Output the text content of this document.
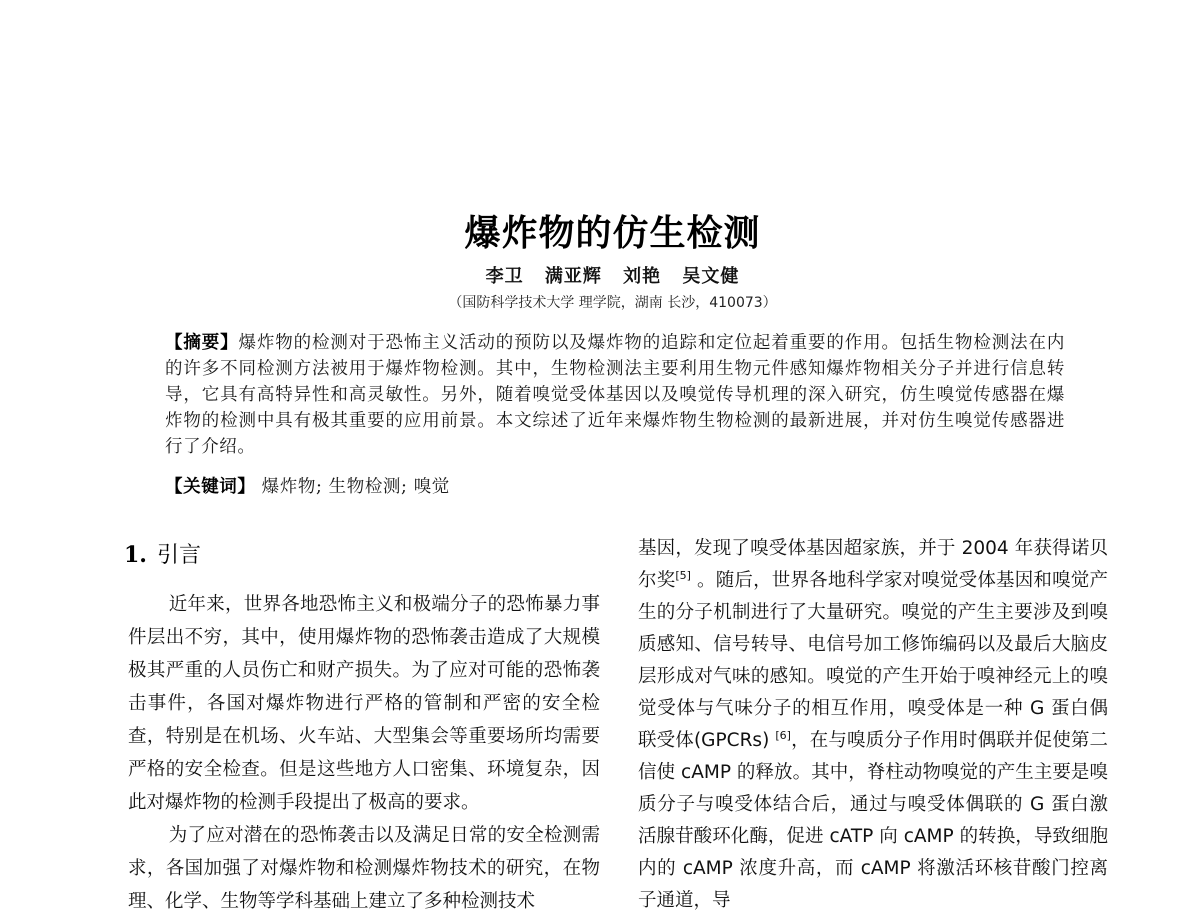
爆炸物的仿生检测
李卫 满亚辉 刘艳 吴文健
（国防科学技术大学 理学院，湖南 长沙，410073）
【摘要】爆炸物的检测对于恐怖主义活动的预防以及爆炸物的追踪和定位起着重要的作用。包括生物检测法在内的许多不同检测方法被用于爆炸物检测。其中，生物检测法主要利用生物元件感知爆炸物相关分子并进行信息转导，它具有高特异性和高灵敏性。另外，随着嗅觉受体基因以及嗅觉传导机理的深入研究，仿生嗅觉传感器在爆炸物的检测中具有极其重要的应用前景。本文综述了近年来爆炸物生物检测的最新进展，并对仿生嗅觉传感器进行了介绍。
【关键词】 爆炸物; 生物检测; 嗅觉
1. 引言

近年来，世界各地恐怖主义和极端分子的恐怖暴力事件层出不穷，其中，使用爆炸物的恐怖袭击造成了大规模极其严重的人员伤亡和财产损失。为了应对可能的恐怖袭击事件，各国对爆炸物进行严格的管制和严密的安全检查，特别是在机场、火车站、大型集会等重要场所均需要严格的安全检查。但是这些地方人口密集、环境复杂，因此对爆炸物的检测手段提出了极高的要求。

为了应对潜在的恐怖袭击以及满足日常的安全检测需求，各国加强了对爆炸物和检测爆炸物技术的研究，在物理、化学、生物等学科基础上建立了多种检测技术

基因，发现了嗅受体基因超家族，并于 2004 年获得诺贝尔奖[5] 。随后，世界各地科学家对嗅觉受体基因和嗅觉产生的分子机制进行了大量研究。嗅觉的产生主要涉及到嗅质感知、信号转导、电信号加工修饰编码以及最后大脑皮层形成对气味的感知。嗅觉的产生开始于嗅神经元上的嗅觉受体与气味分子的相互作用，嗅受体是一种 G 蛋白偶联受体(GPCRs) [6]，在与嗅质分子作用时偶联并促使第二信使 cAMP 的释放。其中，脊柱动物嗅觉的产生主要是嗅质分子与嗅受体结合后，通过与嗅受体偶联的 G 蛋白激活腺苷酸环化酶，促进 cATP 向 cAMP 的转换，导致细胞内的 cAMP 浓度升高，而 cAMP 将激活环核苷酸门控离子通道，导
